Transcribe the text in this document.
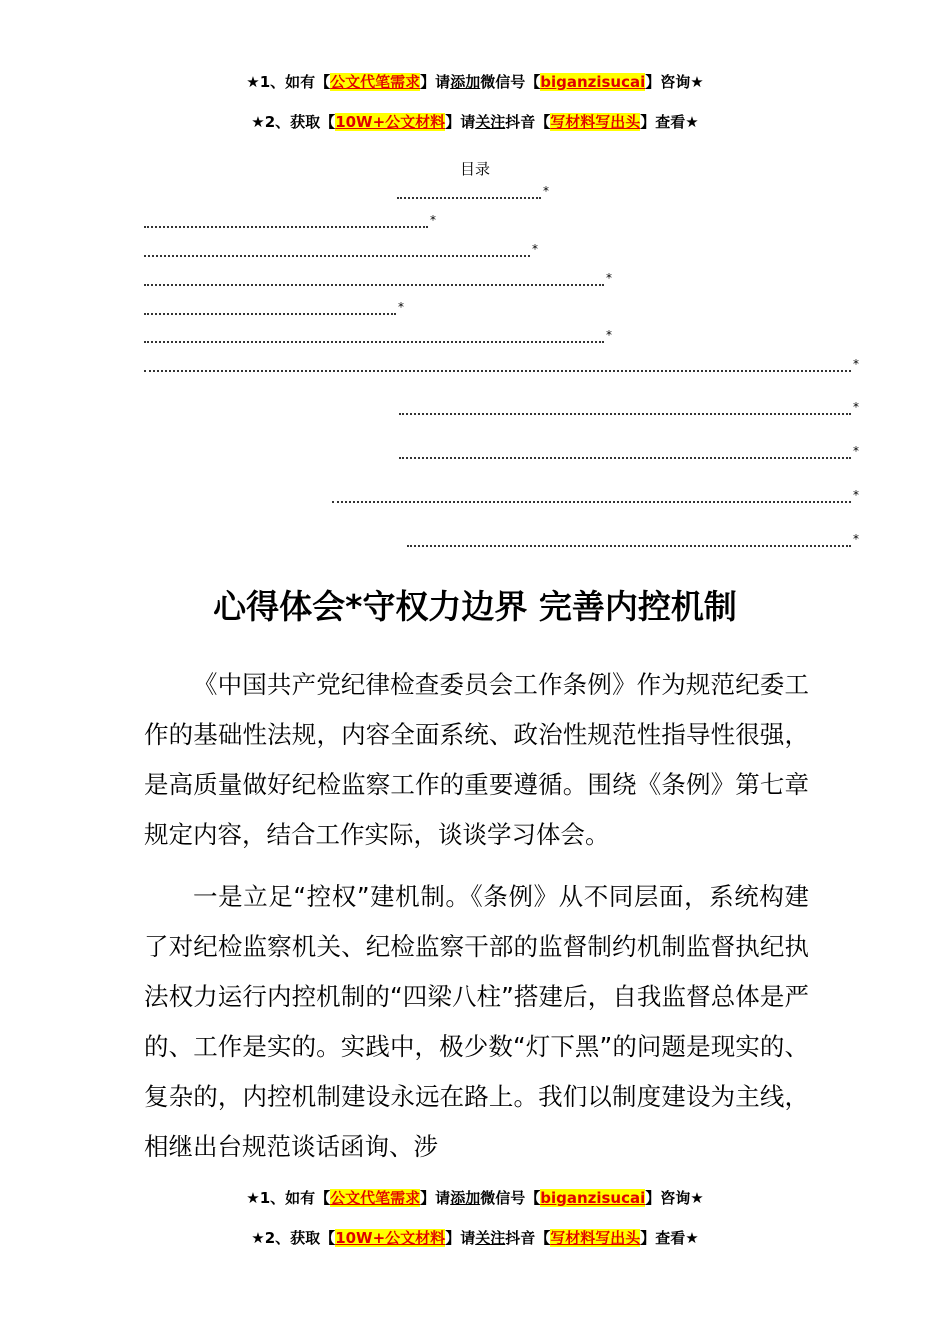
★1、如有【公文代笔需求】请添加微信号【biganzisucai】咨询★
★2、获取【10W+公文材料】请关注抖音【写材料写出头】查看★
目录
*
*
*
*
*
*
*
*
*
*
*
心得体会*守权力边界 完善内控机制

《中国共产党纪律检查委员会工作条例》作为规范纪委工作的基础性法规，内容全面系统、政治性规范性指导性很强，是高质量做好纪检监察工作的重要遵循。围绕《条例》第七章规定内容，结合工作实际，谈谈学习体会。

一是立足“控权”建机制。《条例》从不同层面，系统构建了对纪检监察机关、纪检监察干部的监督制约机制监督执纪执法权力运行内控机制的“四梁八柱”搭建后，自我监督总体是严的、工作是实的。实践中，极少数“灯下黑”的问题是现实的、复杂的，内控机制建设永远在路上。我们以制度建设为主线，相继出台规范谈话函询、涉

★1、如有【公文代笔需求】请添加微信号【biganzisucai】咨询★
★2、获取【10W+公文材料】请关注抖音【写材料写出头】查看★
